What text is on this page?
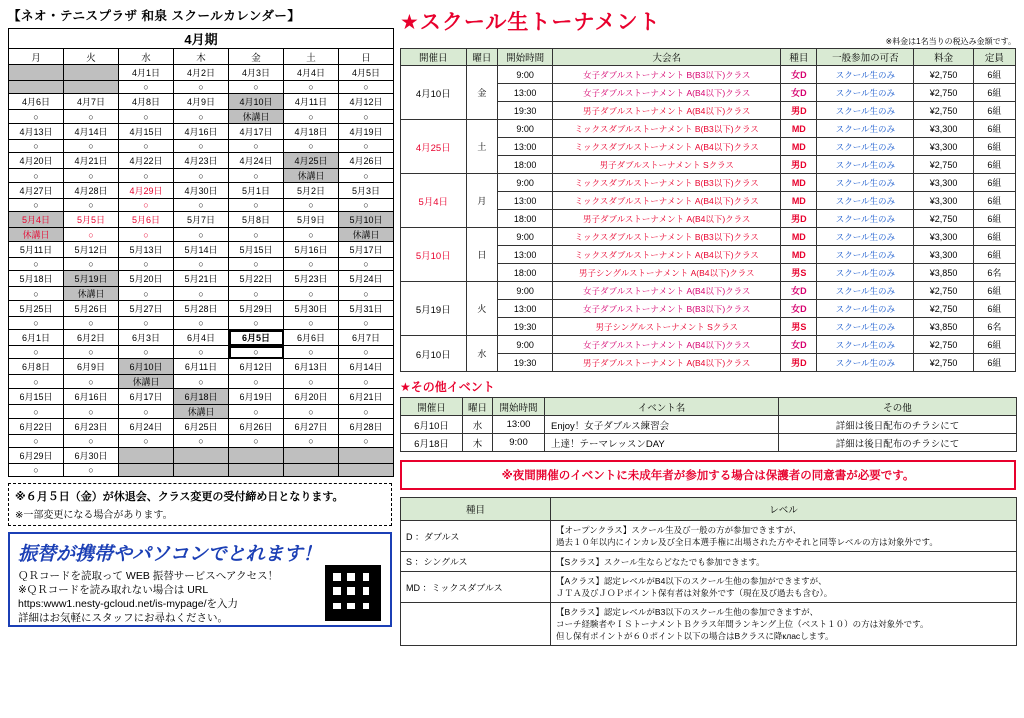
【ネオ・テニスプラザ 和泉 スクールカレンダー】
4月期						
月	火	水	木	金	土	日
		4月1日	4月2日	4月3日	4月4日	4月5日
		○	○	○	○	○
4月6日	4月7日	4月8日	4月9日	4月10日	4月11日	4月12日
○	○	○	○	休講日	○	○
4月13日	4月14日	4月15日	4月16日	4月17日	4月18日	4月19日
○	○	○	○	○	○	○
4月20日	4月21日	4月22日	4月23日	4月24日	4月25日	4月26日
○	○	○	○	○	休講日	○
4月27日	4月28日	4月29日	4月30日	5月1日	5月2日	5月3日
○	○	○	○	○	○	○
5月4日	5月5日	5月6日	5月7日	5月8日	5月9日	5月10日
休講日	○	○	○	○	○	休講日
5月11日	5月12日	5月13日	5月14日	5月15日	5月16日	5月17日
○	○	○	○	○	○	○
5月18日	5月19日	5月20日	5月21日	5月22日	5月23日	5月24日
○	休講日	○	○	○	○	○
5月25日	5月26日	5月27日	5月28日	5月29日	5月30日	5月31日
○	○	○	○	○	○	○
6月1日	6月2日	6月3日	6月4日	6月5日	6月6日	6月7日
○	○	○	○	○	○	○
6月8日	6月9日	6月10日	6月11日	6月12日	6月13日	6月14日
○	○	休講日	○	○	○	○
6月15日	6月16日	6月17日	6月18日	6月19日	6月20日	6月21日
○	○	○	休講日	○	○	○
6月22日	6月23日	6月24日	6月25日	6月26日	6月27日	6月28日
○	○	○	○	○	○	○
6月29日	6月30日					
○	○					
※６月５日（金）が休退会、クラス変更の受付締め日となります。
※一部変更になる場合があります。
振替が携帯やパソコンでとれます！
ＱＲコードを読取って WEB 振替サービスへアクセス！
※ＱＲコードを読み取れない場合は URL
https:www1.nesty-gcloud.net/is-mypage/を入力
詳細はお気軽にスタッフにお尋ねください。
★スクール生トーナメント
※料金は1名当りの税込み金額です。
開催日	曜日	開始時間	大会名	種目	一般参加の可否	料金	定員
4月10日	金	9:00	女子ダブルストーナメント B(B3以下)クラス	女D	スクール生のみ	¥2,750	6組
		13:00	女子ダブルストーナメント A(B4以下)クラス	女D	スクール生のみ	¥2,750	6組
		19:30	男子ダブルストーナメント A(B4以下)クラス	男D	スクール生のみ	¥2,750	6組
4月25日	土	9:00	ミックスダブルストーナメント B(B3以下)クラス	MD	スクール生のみ	¥3,300	6組
		13:00	ミックスダブルストーナメント A(B4以下)クラス	MD	スクール生のみ	¥3,300	6組
		18:00	男子ダブルストーナメント Sクラス	男D	スクール生のみ	¥2,750	6組
5月4日	月	9:00	ミックスダブルストーナメント B(B3以下)クラス	MD	スクール生のみ	¥3,300	6組
		13:00	ミックスダブルストーナメント A(B4以下)クラス	MD	スクール生のみ	¥3,300	6組
		18:00	男子ダブルストーナメント A(B4以下)クラス	男D	スクール生のみ	¥2,750	6組
5月10日	日	9:00	ミックスダブルストーナメント B(B3以下)クラス	MD	スクール生のみ	¥3,300	6組
		13:00	ミックスダブルストーナメント A(B4以下)クラス	MD	スクール生のみ	¥3,300	6組
		18:00	男子シングルストーナメント A(B4以下)クラス	男S	スクール生のみ	¥3,850	6名
5月19日	火	9:00	女子ダブルストーナメント A(B4以下)クラス	女D	スクール生のみ	¥2,750	6組
		13:00	女子ダブルストーナメント B(B3以下)クラス	女D	スクール生のみ	¥2,750	6組
		19:30	男子シングルストーナメント Sクラス	男S	スクール生のみ	¥3,850	6名
6月10日	水	9:00	女子ダブルストーナメント A(B4以下)クラス	女D	スクール生のみ	¥2,750	6組
		19:30	男子ダブルストーナメント A(B4以下)クラス	男D	スクール生のみ	¥2,750	6組
★その他イベント
開催日	曜日	開始時間	イベント名	その他
6月10日	水	13:00	Enjoy！女子ダブルス練習会	詳細は後日配布のチラシにて
6月18日	木	9:00	上達！テーマレッスンDAY	詳細は後日配布のチラシにて
※夜間開催のイベントに未成年者が参加する場合は保護者の同意書が必要です。
種目	レベル
D ：ダブルス	【オープンクラス】スクール生及び一般の方が参加できますが、
過去１０年以内にインカレ及び全日本選手権に出場された方やそれと同等レベルの方は対象外です。
S ：シングルス	【Sクラス】スクール生ならどなたでも参加できます。
MD ：ミックスダブルス	【Aクラス】認定レベルがB4以下のスクール生他の参加ができますが、
ＪＴＡ及びＪＯＰポイント保有者は対象外です（現在及び過去も含む）。
	【Bクラス】認定レベルがB3以下のスクール生他の参加できますが、
コーチ経験者やＩＳトーナメントＢクラス年間ランキング上位（ベスト１０）の方は対象外です。
但し保有ポイントが６０ポイント以下の場合はBクラスに降класします。
